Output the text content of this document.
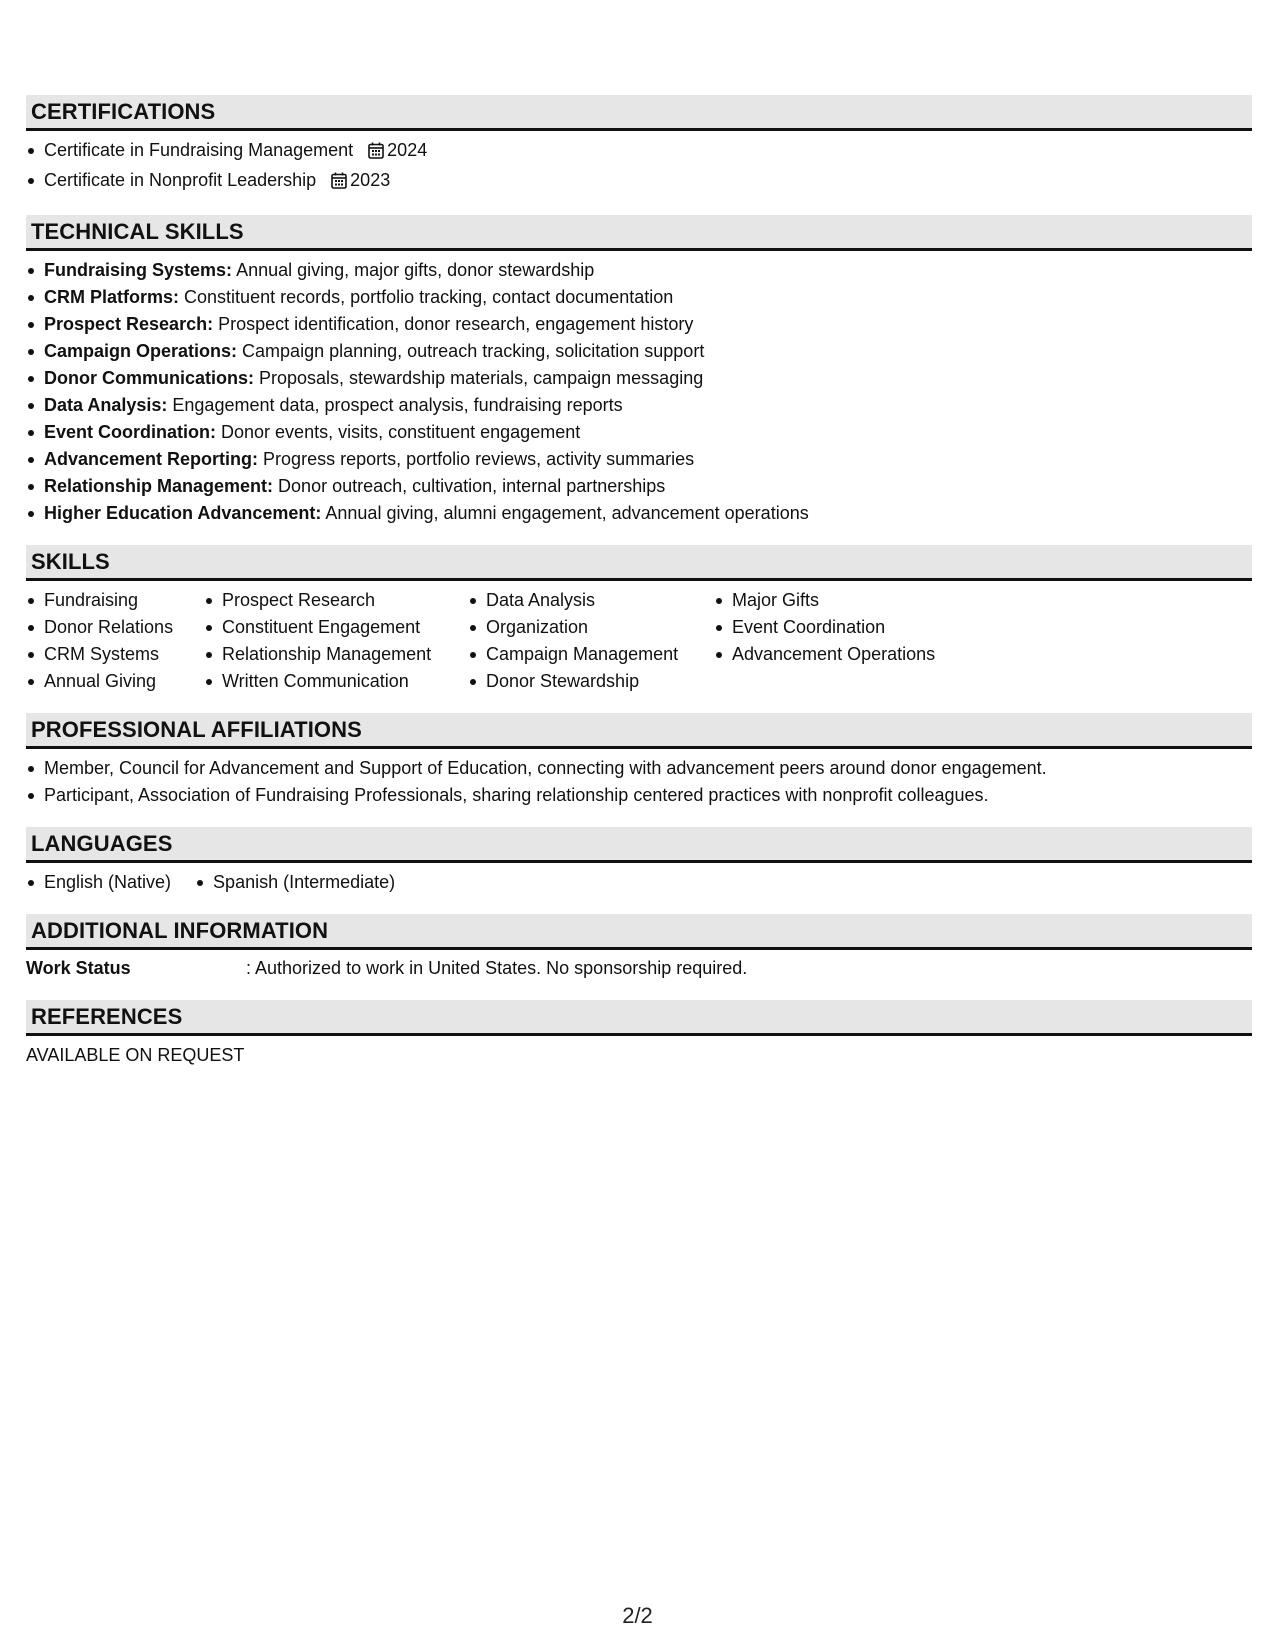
CERTIFICATIONS
Certificate in Fundraising Management 2024
Certificate in Nonprofit Leadership 2023
TECHNICAL SKILLS
Fundraising Systems: Annual giving, major gifts, donor stewardship
CRM Platforms: Constituent records, portfolio tracking, contact documentation
Prospect Research: Prospect identification, donor research, engagement history
Campaign Operations: Campaign planning, outreach tracking, solicitation support
Donor Communications: Proposals, stewardship materials, campaign messaging
Data Analysis: Engagement data, prospect analysis, fundraising reports
Event Coordination: Donor events, visits, constituent engagement
Advancement Reporting: Progress reports, portfolio reviews, activity summaries
Relationship Management: Donor outreach, cultivation, internal partnerships
Higher Education Advancement: Annual giving, alumni engagement, advancement operations
SKILLS
Fundraising
Donor Relations
CRM Systems
Annual Giving
Prospect Research
Constituent Engagement
Relationship Management
Written Communication
Data Analysis
Organization
Campaign Management
Donor Stewardship
Major Gifts
Event Coordination
Advancement Operations
PROFESSIONAL AFFILIATIONS
Member, Council for Advancement and Support of Education, connecting with advancement peers around donor engagement.
Participant, Association of Fundraising Professionals, sharing relationship centered practices with nonprofit colleagues.
LANGUAGES
English (Native)	Spanish (Intermediate)
ADDITIONAL INFORMATION
Work Status	: Authorized to work in United States. No sponsorship required.
REFERENCES
AVAILABLE ON REQUEST
2/2
